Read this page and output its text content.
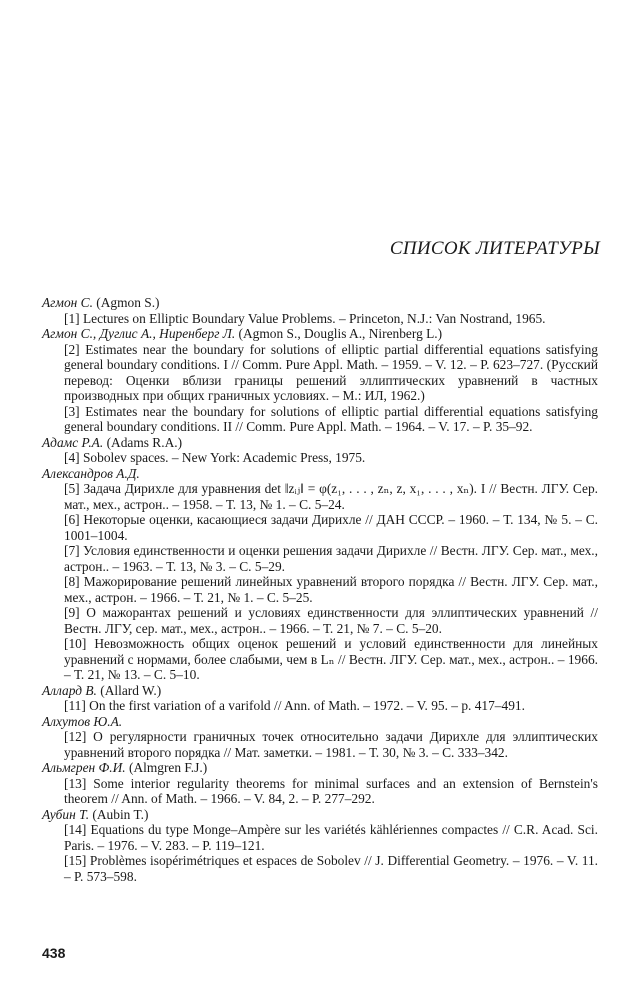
СПИСОК ЛИТЕРАТУРЫ
Агмон С. (Agmon S.)
[1] Lectures on Elliptic Boundary Value Problems. – Princeton, N.J.: Van Nostrand, 1965.
Агмон С., Дуглис А., Ниренберг Л. (Agmon S., Douglis A., Nirenberg L.)
[2] Estimates near the boundary for solutions of elliptic partial differential equations satisfying general boundary conditions. I // Comm. Pure Appl. Math. – 1959. – V. 12. – P. 623–727. (Русский перевод: Оценки вблизи границы решений эллиптических уравнений в частных производных при общих граничных условиях. – М.: ИЛ, 1962.)
[3] Estimates near the boundary for solutions of elliptic partial differential equations satisfying general boundary conditions. II // Comm. Pure Appl. Math. – 1964. – V. 17. – P. 35–92.
Адамс Р.А. (Adams R.A.)
[4] Sobolev spaces. – New York: Academic Press, 1975.
Александров А.Д.
[5] Задача Дирихле для уравнения det ‖zᵢⱼ‖ = φ(z₁, . . . , zₙ, z, x₁, . . . , xₙ). I // Вестн. ЛГУ. Сер. мат., мех., астрон.. – 1958. – Т. 13, № 1. – С. 5–24.
[6] Некоторые оценки, касающиеся задачи Дирихле // ДАН СССР. – 1960. – Т. 134, № 5. – С. 1001–1004.
[7] Условия единственности и оценки решения задачи Дирихле // Вестн. ЛГУ. Сер. мат., мех., астрон.. – 1963. – Т. 13, № 3. – С. 5–29.
[8] Мажорирование решений линейных уравнений второго порядка // Вестн. ЛГУ. Сер. мат., мех., астрон. – 1966. – Т. 21, № 1. – С. 5–25.
[9] О мажорантах решений и условиях единственности для эллиптических уравнений // Вестн. ЛГУ, сер. мат., мех., астрон.. – 1966. – Т. 21, № 7. – С. 5–20.
[10] Невозможность общих оценок решений и условий единственности для линейных уравнений с нормами, более слабыми, чем в Lₙ // Вестн. ЛГУ. Сер. мат., мех., астрон.. – 1966. – Т. 21, № 13. – С. 5–10.
Аллард В. (Allard W.)
[11] On the first variation of a varifold // Ann. of Math. – 1972. – V. 95. – p. 417–491.
Алхутов Ю.А.
[12] О регулярности граничных точек относительно задачи Дирихле для эллиптических уравнений второго порядка // Мат. заметки. – 1981. – Т. 30, № 3. – С. 333–342.
Альмгрен Ф.И. (Almgren F.J.)
[13] Some interior regularity theorems for minimal surfaces and an extension of Bernstein's theorem // Ann. of Math. – 1966. – V. 84, 2. – P. 277–292.
Аубин Т. (Aubin T.)
[14] Equations du type Monge–Ampère sur les variétés kählériennes compactes // C.R. Acad. Sci. Paris. – 1976. – V. 283. – P. 119–121.
[15] Problèmes isopérimétriques et espaces de Sobolev // J. Differential Geometry. – 1976. – V. 11. – P. 573–598.
438
